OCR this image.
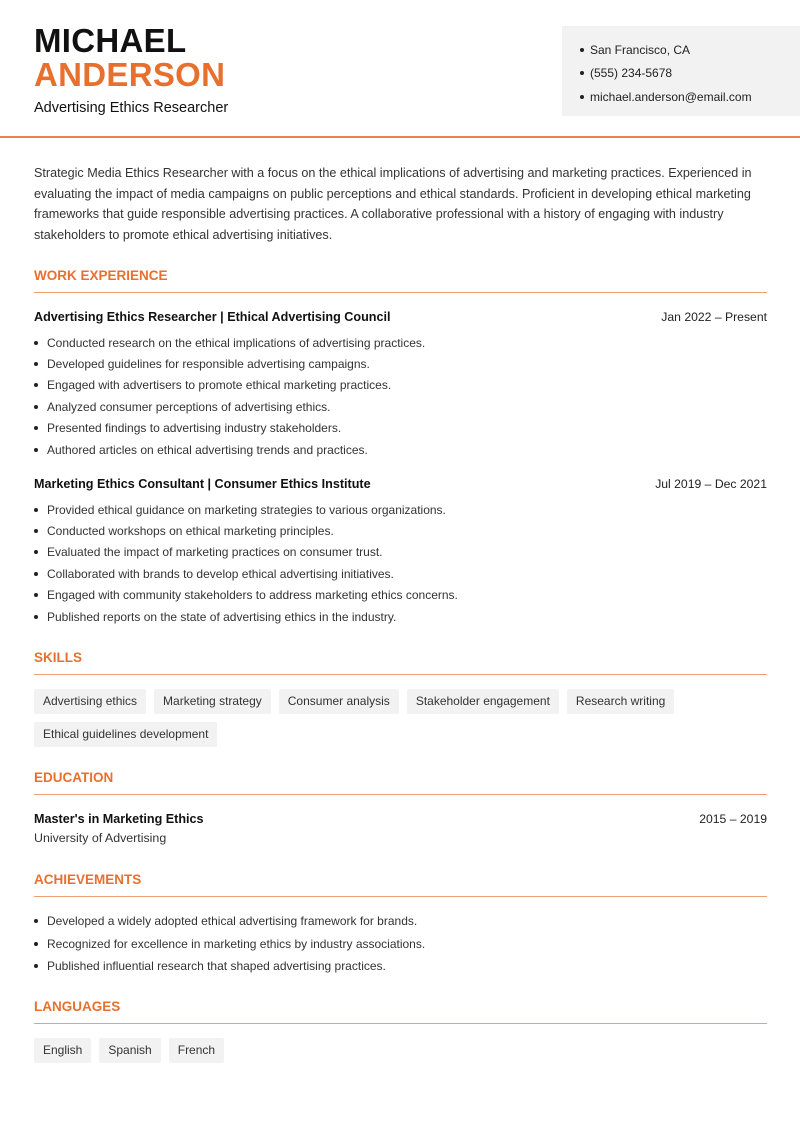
MICHAEL
ANDERSON
Advertising Ethics Researcher
San Francisco, CA
(555) 234-5678
michael.anderson@email.com
Strategic Media Ethics Researcher with a focus on the ethical implications of advertising and marketing practices. Experienced in evaluating the impact of media campaigns on public perceptions and ethical standards. Proficient in developing ethical marketing frameworks that guide responsible advertising practices. A collaborative professional with a history of engaging with industry stakeholders to promote ethical advertising initiatives.
WORK EXPERIENCE
Advertising Ethics Researcher | Ethical Advertising Council	Jan 2022 – Present
Conducted research on the ethical implications of advertising practices.
Developed guidelines for responsible advertising campaigns.
Engaged with advertisers to promote ethical marketing practices.
Analyzed consumer perceptions of advertising ethics.
Presented findings to advertising industry stakeholders.
Authored articles on ethical advertising trends and practices.
Marketing Ethics Consultant | Consumer Ethics Institute	Jul 2019 – Dec 2021
Provided ethical guidance on marketing strategies to various organizations.
Conducted workshops on ethical marketing principles.
Evaluated the impact of marketing practices on consumer trust.
Collaborated with brands to develop ethical advertising initiatives.
Engaged with community stakeholders to address marketing ethics concerns.
Published reports on the state of advertising ethics in the industry.
SKILLS
Advertising ethics	Marketing strategy	Consumer analysis	Stakeholder engagement	Research writing
Ethical guidelines development
EDUCATION
Master's in Marketing Ethics	2015 – 2019
University of Advertising
ACHIEVEMENTS
Developed a widely adopted ethical advertising framework for brands.
Recognized for excellence in marketing ethics by industry associations.
Published influential research that shaped advertising practices.
LANGUAGES
English	Spanish	French
